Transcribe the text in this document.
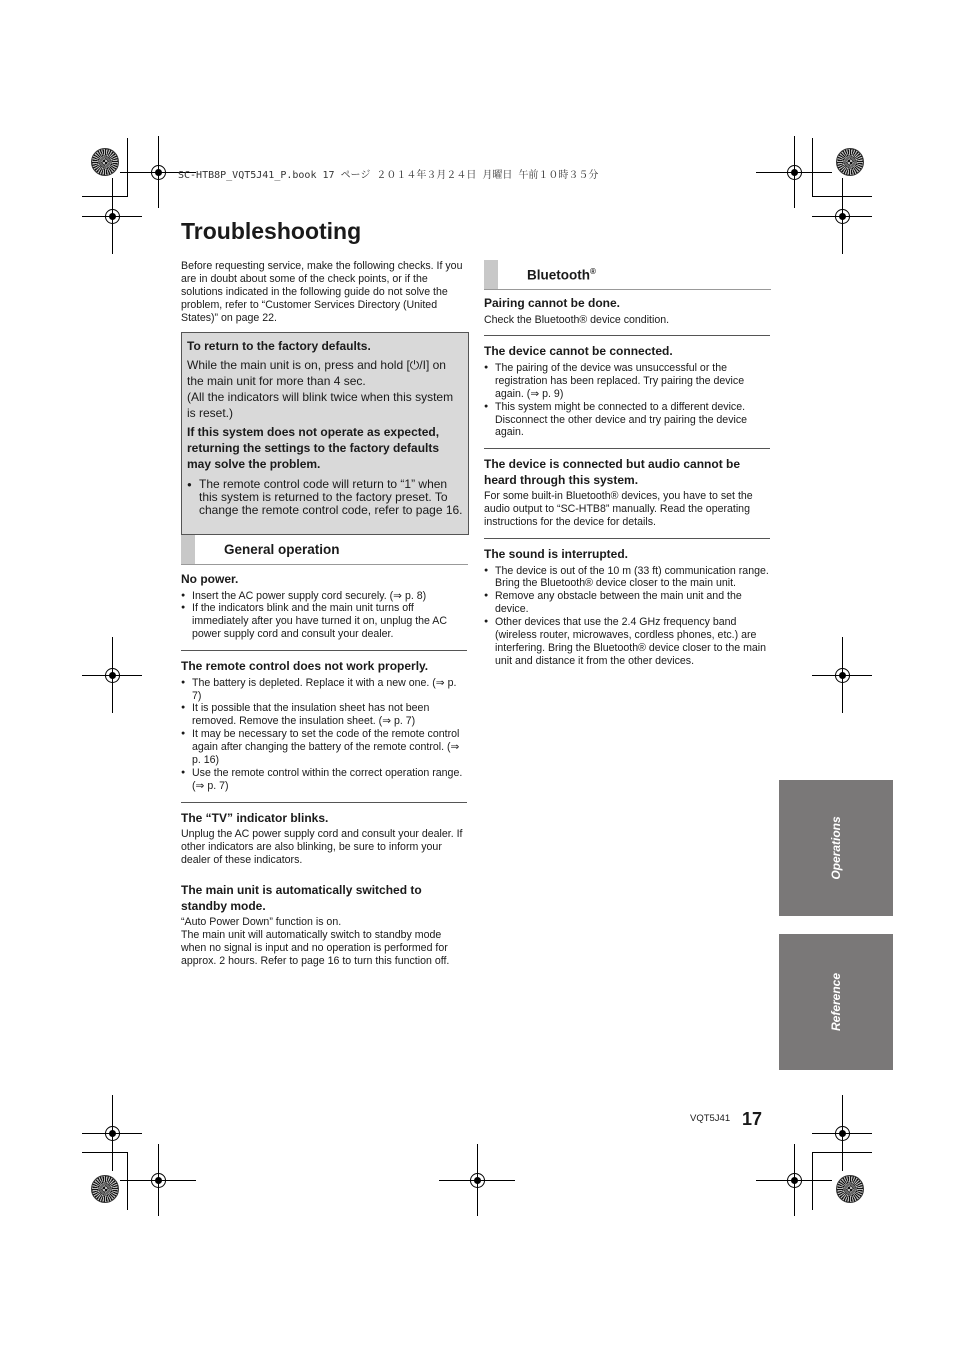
SC-HTB8P_VQT5J41_P.book 17 ページ ２０１４年３月２４日 月曜日 午前１０時３５分
Troubleshooting

Before requesting service, make the following checks. If you are in doubt about some of the check points, or if the solutions indicated in the following guide do not solve the problem, refer to “Customer Services Directory (United States)” on page 22.

To return to the factory defaults.

While the main unit is on, press and hold [⏻/I] on the main unit for more than 4 sec.

(All the indicators will blink twice when this system is reset.)

If this system does not operate as expected, returning the settings to the factory defaults may solve the problem.

● The remote control code will return to “1” when this system is returned to the factory preset. To change the remote control code, refer to page 16.
General operation

No power.

● Insert the AC power supply cord securely. (⇒ p. 8)
● If the indicators blink and the main unit turns off immediately after you have turned it on, unplug the AC power supply cord and consult your dealer.

The remote control does not work properly.

● The battery is depleted. Replace it with a new one. (⇒ p. 7)
● It is possible that the insulation sheet has not been removed. Remove the insulation sheet. (⇒ p. 7)
● It may be necessary to set the code of the remote control again after changing the battery of the remote control. (⇒ p. 16)
● Use the remote control within the correct operation range. (⇒ p. 7)

The “TV” indicator blinks.

Unplug the AC power supply cord and consult your dealer. If other indicators are also blinking, be sure to inform your dealer of these indicators.

The main unit is automatically switched to standby mode.

“Auto Power Down” function is on.

The main unit will automatically switch to standby mode when no signal is input and no operation is performed for approx. 2 hours. Refer to page 16 to turn this function off.

Bluetooth®

Pairing cannot be done.

Check the Bluetooth® device condition.

The device cannot be connected.

● The pairing of the device was unsuccessful or the registration has been replaced. Try pairing the device again. (⇒ p. 9)
● This system might be connected to a different device. Disconnect the other device and try pairing the device again.

The device is connected but audio cannot be heard through this system.

For some built-in Bluetooth® devices, you have to set the audio output to “SC-HTB8” manually. Read the operating instructions for the device for details.

The sound is interrupted.

● The device is out of the 10 m (33 ft) communication range. Bring the Bluetooth® device closer to the main unit.
● Remove any obstacle between the main unit and the device.
● Other devices that use the 2.4 GHz frequency band (wireless router, microwaves, cordless phones, etc.) are interfering. Bring the Bluetooth® device closer to the main unit and distance it from the other devices.
Operations
Reference
VQT5J41 17
